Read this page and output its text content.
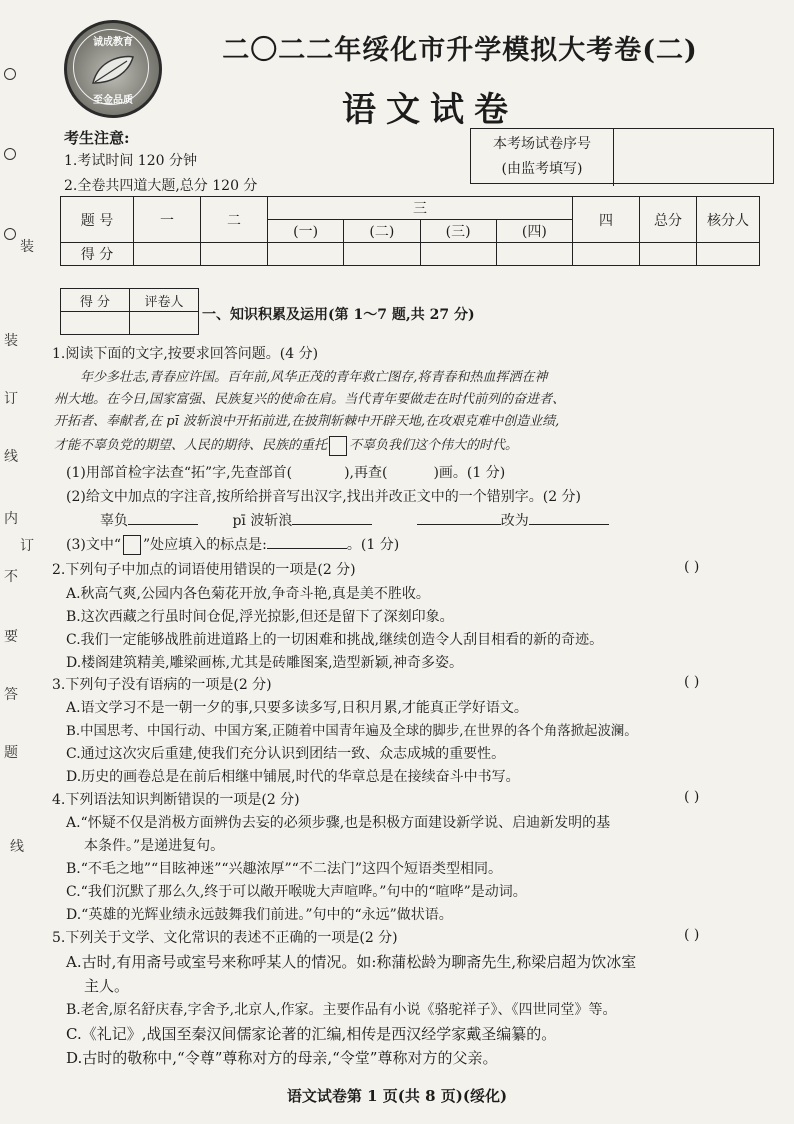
装
装
订
线
内
订
不
要
答
题
线
诚成教育
至金品质
二〇二二年绥化市升学模拟大考卷(二)
语文试卷
考生注意:
1.考试时间 120 分钟
2.全卷共四道大题,总分 120 分
本考场试卷序号
(由监考填写)
题 号	一	二	三				四	总分	核分人
			(一)	(二)	(三)	(四)			
得 分									
得 分	评卷人

一、知识积累及运用(第 1～7 题,共 27 分)
1.阅读下面的文字,按要求回答问题。(4 分)
年少多壮志,青春应许国。百年前,风华正茂的青年救亡图存,将青春和热血挥洒在神
州大地。在今日,国家富强、民族复兴的使命在肩。当代青年要做走在时代前列的奋进者、
开拓者、奉献者,在 pī 波斩浪中开拓前进,在披荆斩棘中开辟天地,在攻艰克难中创造业绩,
才能不辜负党的期望、人民的期待、民族的重托 不辜负我们这个伟大的时代。
(1)用部首检字法查“拓”字,先查部首(	),再查(	)画。(1 分)
(2)给文中加点的字注音,按所给拼音写出汉字,找出并改正文中的一个错别字。(2 分)
辜负	pī 波斩浪	改为
(3)文中“ ”处应填入的标点是:	。(1 分)
2.下列句子中加点的词语使用错误的一项是(2 分)	( )
A.秋高气爽,公园内各色菊花开放,争奇斗艳,真是美不胜收。
B.这次西藏之行虽时间仓促,浮光掠影,但还是留下了深刻印象。
C.我们一定能够战胜前进道路上的一切困难和挑战,继续创造令人刮目相看的新的奇迹。
D.楼阁建筑精美,雕梁画栋,尤其是砖雕图案,造型新颖,神奇多姿。
3.下列句子没有语病的一项是(2 分)	( )
A.语文学习不是一朝一夕的事,只要多读多写,日积月累,才能真正学好语文。
B.中国思考、中国行动、中国方案,正随着中国青年遍及全球的脚步,在世界的各个角落掀起波澜。
C.通过这次灾后重建,使我们充分认识到团结一致、众志成城的重要性。
D.历史的画卷总是在前后相继中铺展,时代的华章总是在接续奋斗中书写。
4.下列语法知识判断错误的一项是(2 分)	( )
A.“怀疑不仅是消极方面辨伪去妄的必须步骤,也是积极方面建设新学说、启迪新发明的基
本条件。”是递进复句。
B.“不毛之地”“目眩神迷”“兴趣浓厚”“不二法门”这四个短语类型相同。
C.“我们沉默了那么久,终于可以敞开喉咙大声喧哗。”句中的“喧哗”是动词。
D.“英雄的光辉业绩永远鼓舞我们前进。”句中的“永远”做状语。
5.下列关于文学、文化常识的表述不正确的一项是(2 分)	( )
A.古时,有用斋号或室号来称呼某人的情况。如:称蒲松龄为聊斋先生,称梁启超为饮冰室
主人。
B.老舍,原名舒庆春,字舍予,北京人,作家。主要作品有小说《骆驼祥子》、《四世同堂》等。
C.《礼记》,战国至秦汉间儒家论著的汇编,相传是西汉经学家戴圣编纂的。
D.古时的敬称中,“令尊”尊称对方的母亲,“令堂”尊称对方的父亲。
语文试卷第 1 页(共 8 页)(绥化)
